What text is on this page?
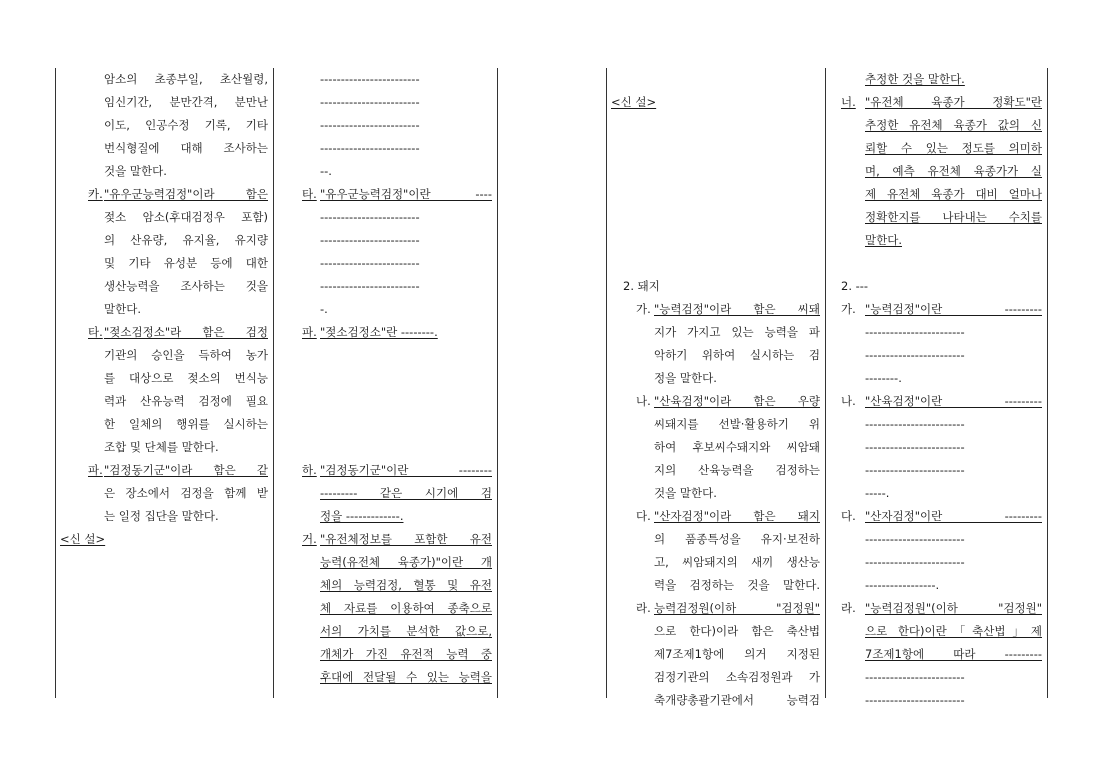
암소의 초종부일, 초산월령,
임신기간, 분만간격, 분만난
이도, 인공수정 기록, 기타
번식형질에 대해 조사하는
것을 말한다.
카. "유우군능력검정"이라 함은
젖소 암소(후대검정우 포함)
의 산유량, 유지율, 유지량
및 기타 유성분 등에 대한
생산능력을 조사하는 것을
말한다.
타. "젖소검정소"라 함은 검정
기관의 승인을 득하여 농가
를 대상으로 젖소의 번식능
력과 산유능력 검정에 필요
한 일체의 행위를 실시하는
조합 및 단체를 말한다.
파. "검정동기군"이라 함은 같
은 장소에서 검정을 함께 받
는 일정 집단을 말한다.
<신 설>
------------------------
------------------------
------------------------
------------------------
--.
타. "유우군능력검정"이란 ----
------------------------
------------------------
------------------------
------------------------
-.
파. "젖소검정소"란 --------.
하. "검정동기군"이란 --------
--------- 같은 시기에 검
정을 -------------.
거. "유전체정보를 포함한 유전
능력(유전체 육종가)"이란 개
체의 능력검정, 혈통 및 유전
체 자료를 이용하여 종축으로
서의 가치를 분석한 값으로,
개체가 가진 유전적 능력 중
후대에 전달될 수 있는 능력을
<신 설>
2. 돼지
가. "능력검정"이라 함은 씨돼
지가 가지고 있는 능력을 파
악하기 위하여 실시하는 검
정을 말한다.
나. "산육검정"이라 함은 우량
씨돼지를 선발·활용하기 위
하여 후보씨수돼지와 씨암돼
지의 산육능력을 검정하는
것을 말한다.
다. "산자검정"이라 함은 돼지
의 품종특성을 유지·보전하
고, 씨암돼지의 새끼 생산능
력을 검정하는 것을 말한다.
라. 능력검정원(이하 "검정원"
으로 한다)이라 함은 축산법
제7조제1항에 의거 지정된
검정기관의 소속검정원과 가
축개량총괄기관에서 능력검
추정한 것을 말한다.
너. "유전체 육종가 정확도"란
추정한 유전체 육종가 값의 신
뢰할 수 있는 정도를 의미하
며, 예측 유전체 육종가가 실
제 유전체 육종가 대비 얼마나
정확한지를 나타내는 수치를
말한다.
2. ---
가. "능력검정"이란 ---------
------------------------
------------------------
--------.
나. "산육검정"이란 ---------
------------------------
------------------------
------------------------
-----.
다. "산자검정"이란 ---------
------------------------
------------------------
-----------------.
라. "능력검정원"(이하 "검정원"
으로 한다)이란「축산법」제
7조제1항에 따라 ---------
------------------------
------------------------
